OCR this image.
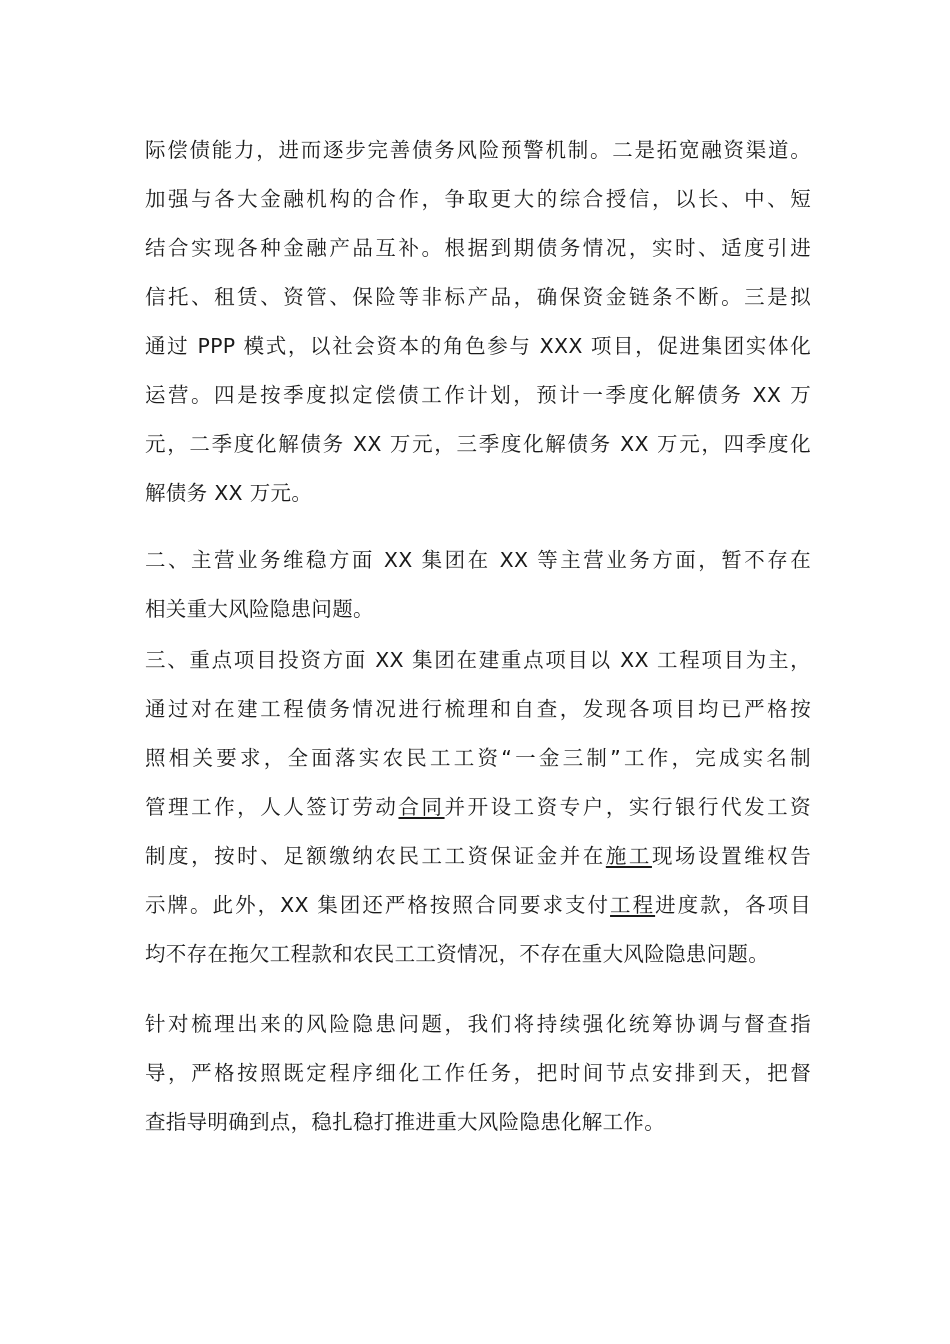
际偿债能力，进而逐步完善债务风险预警机制。二是拓宽融资渠道。
加强与各大金融机构的合作，争取更大的综合授信，以长、中、短
结合实现各种金融产品互补。根据到期债务情况，实时、适度引进
信托、租赁、资管、保险等非标产品，确保资金链条不断。三是拟
通过 PPP 模式，以社会资本的角色参与 XXX 项目，促进集团实体化
运营。四是按季度拟定偿债工作计划，预计一季度化解债务 XX 万
元，二季度化解债务 XX 万元，三季度化解债务 XX 万元，四季度化
解债务 XX 万元。
二、主营业务维稳方面 XX 集团在 XX 等主营业务方面，暂不存在
相关重大风险隐患问题。
三、重点项目投资方面 XX 集团在建重点项目以 XX 工程项目为主，
通过对在建工程债务情况进行梳理和自查，发现各项目均已严格按
照相关要求，全面落实农民工工资“一金三制”工作，完成实名制
管理工作，人人签订劳动合同并开设工资专户，实行银行代发工资
制度，按时、足额缴纳农民工工资保证金并在施工现场设置维权告
示牌。此外，XX 集团还严格按照合同要求支付工程进度款，各项目
均不存在拖欠工程款和农民工工资情况，不存在重大风险隐患问题。
针对梳理出来的风险隐患问题，我们将持续强化统筹协调与督查指
导，严格按照既定程序细化工作任务，把时间节点安排到天，把督
查指导明确到点，稳扎稳打推进重大风险隐患化解工作。
